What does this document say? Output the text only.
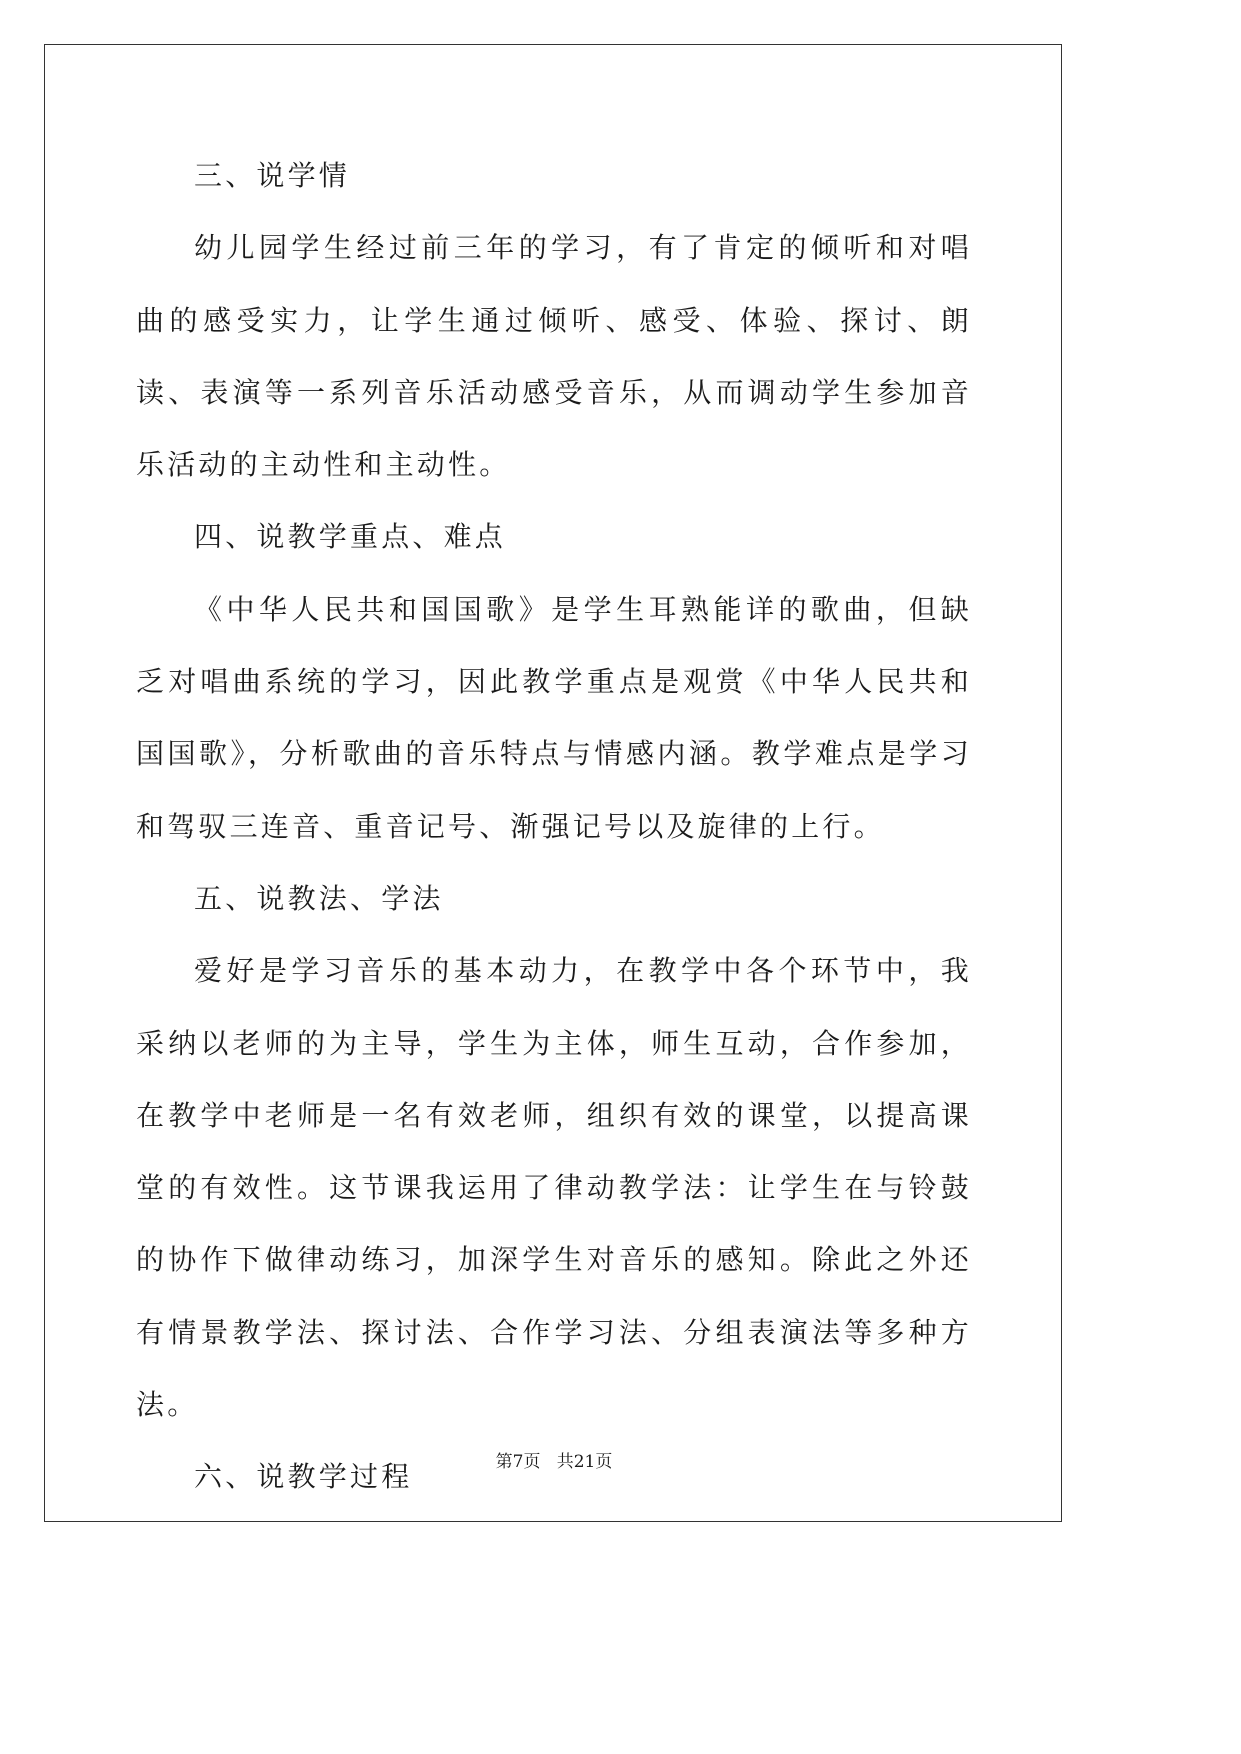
三、说学情

幼儿园学生经过前三年的学习，有了肯定的倾听和对唱曲的感受实力，让学生通过倾听、感受、体验、探讨、朗读、表演等一系列音乐活动感受音乐，从而调动学生参加音乐活动的主动性和主动性。

四、说教学重点、难点

《中华人民共和国国歌》是学生耳熟能详的歌曲，但缺乏对唱曲系统的学习，因此教学重点是观赏《中华人民共和国国歌》，分析歌曲的音乐特点与情感内涵。教学难点是学习和驾驭三连音、重音记号、渐强记号以及旋律的上行。

五、说教法、学法

爱好是学习音乐的基本动力，在教学中各个环节中，我采纳以老师的为主导，学生为主体，师生互动，合作参加，在教学中老师是一名有效老师，组织有效的课堂，以提高课堂的有效性。这节课我运用了律动教学法：让学生在与铃鼓的协作下做律动练习，加深学生对音乐的感知。除此之外还有情景教学法、探讨法、合作学习法、分组表演法等多种方法。

六、说教学过程	第7页 共21页
